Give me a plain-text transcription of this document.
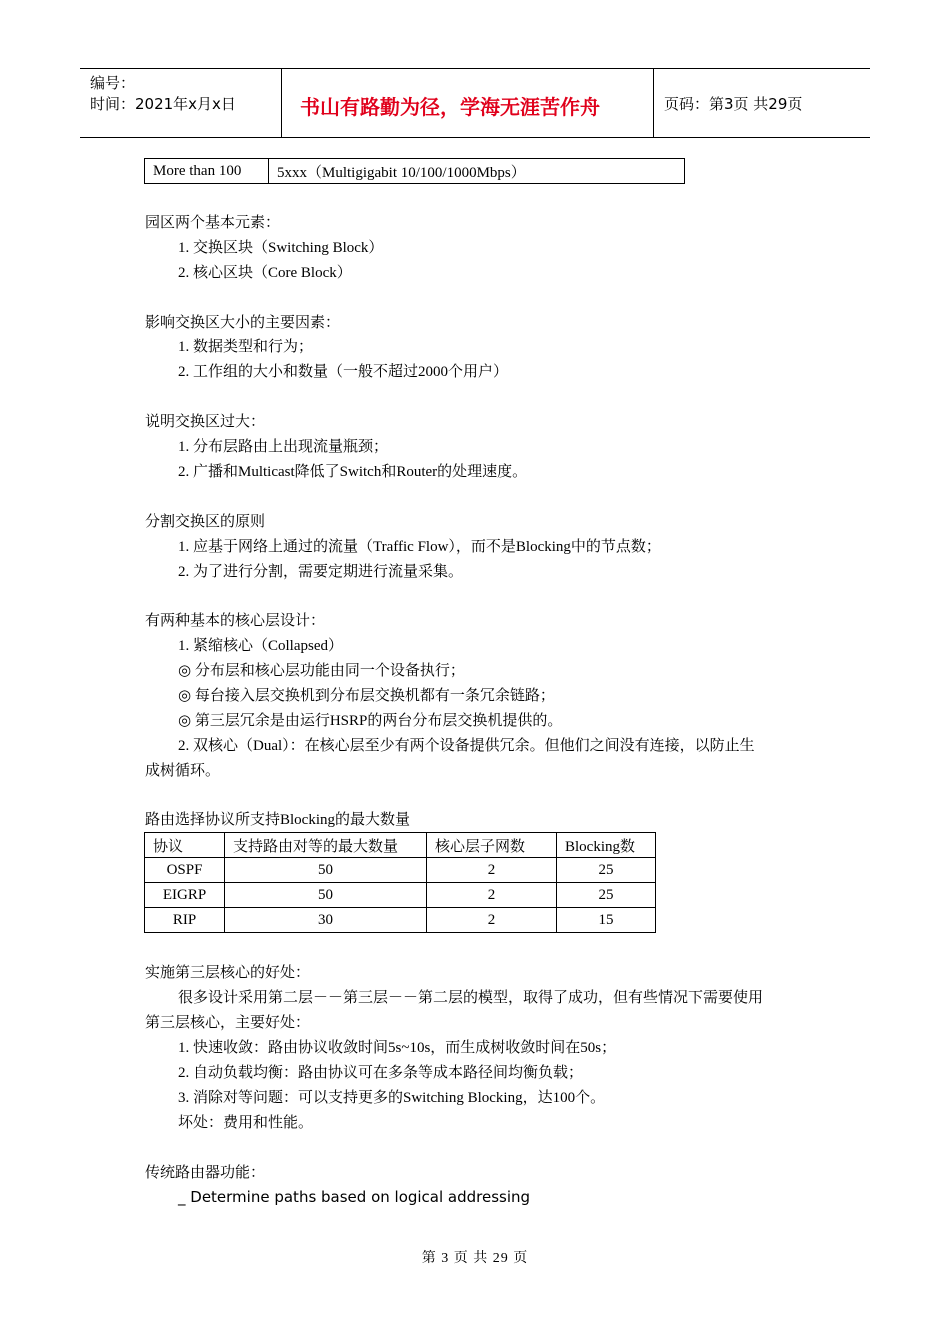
编号：
时间：2021年x月x日	书山有路勤为径，学海无涯苦作舟	页码：第3页 共29页
More than 100	5xxx（Multigigabit 10/100/1000Mbps）
园区两个基本元素：
1. 交换区块（Switching Block）
2. 核心区块（Core Block）
影响交换区大小的主要因素：
1. 数据类型和行为；
2. 工作组的大小和数量（一般不超过2000个用户）
说明交换区过大：
1. 分布层路由上出现流量瓶颈；
2. 广播和Multicast降低了Switch和Router的处理速度。
分割交换区的原则
1. 应基于网络上通过的流量（Traffic Flow），而不是Blocking中的节点数；
2. 为了进行分割，需要定期进行流量采集。
有两种基本的核心层设计：
1. 紧缩核心（Collapsed）
◎ 分布层和核心层功能由同一个设备执行；
◎ 每台接入层交换机到分布层交换机都有一条冗余链路；
◎ 第三层冗余是由运行HSRP的两台分布层交换机提供的。
2. 双核心（Dual）：在核心层至少有两个设备提供冗余。但他们之间没有连接，以防止生
成树循环。
路由选择协议所支持Blocking的最大数量
协议	支持路由对等的最大数量	核心层子网数	Blocking数
OSPF	50	2	25
EIGRP	50	2	25
RIP	30	2	15
实施第三层核心的好处：
很多设计采用第二层－－第三层－－第二层的模型，取得了成功，但有些情况下需要使用
第三层核心，主要好处：
1. 快速收敛：路由协议收敛时间5s~10s，而生成树收敛时间在50s；
2. 自动负载均衡：路由协议可在多条等成本路径间均衡负载；
3. 消除对等问题：可以支持更多的Switching Blocking，达100个。
坏处：费用和性能。
传统路由器功能：
_ Determine paths based on logical addressing
第 3 页 共 29 页
